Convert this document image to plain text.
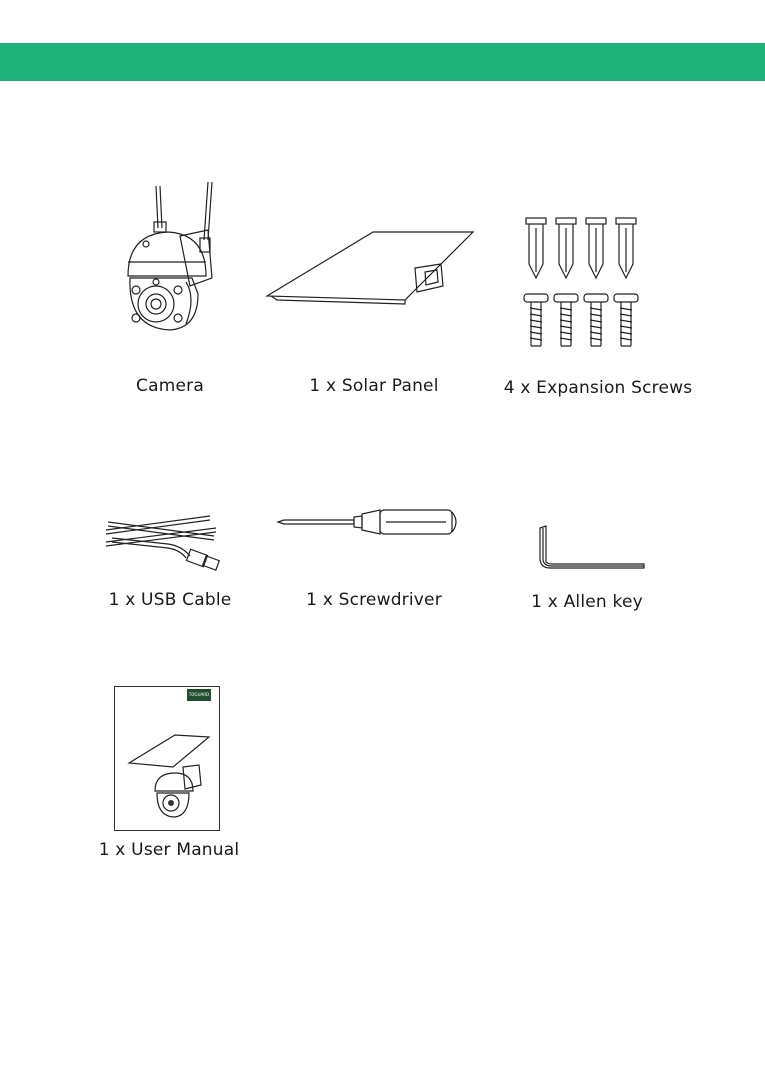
Camera	1 x Solar Panel	4 x Expansion Screws
1 x USB Cable	1 x Screwdriver	1 x Allen key
TOGUARD
1 x User Manual
